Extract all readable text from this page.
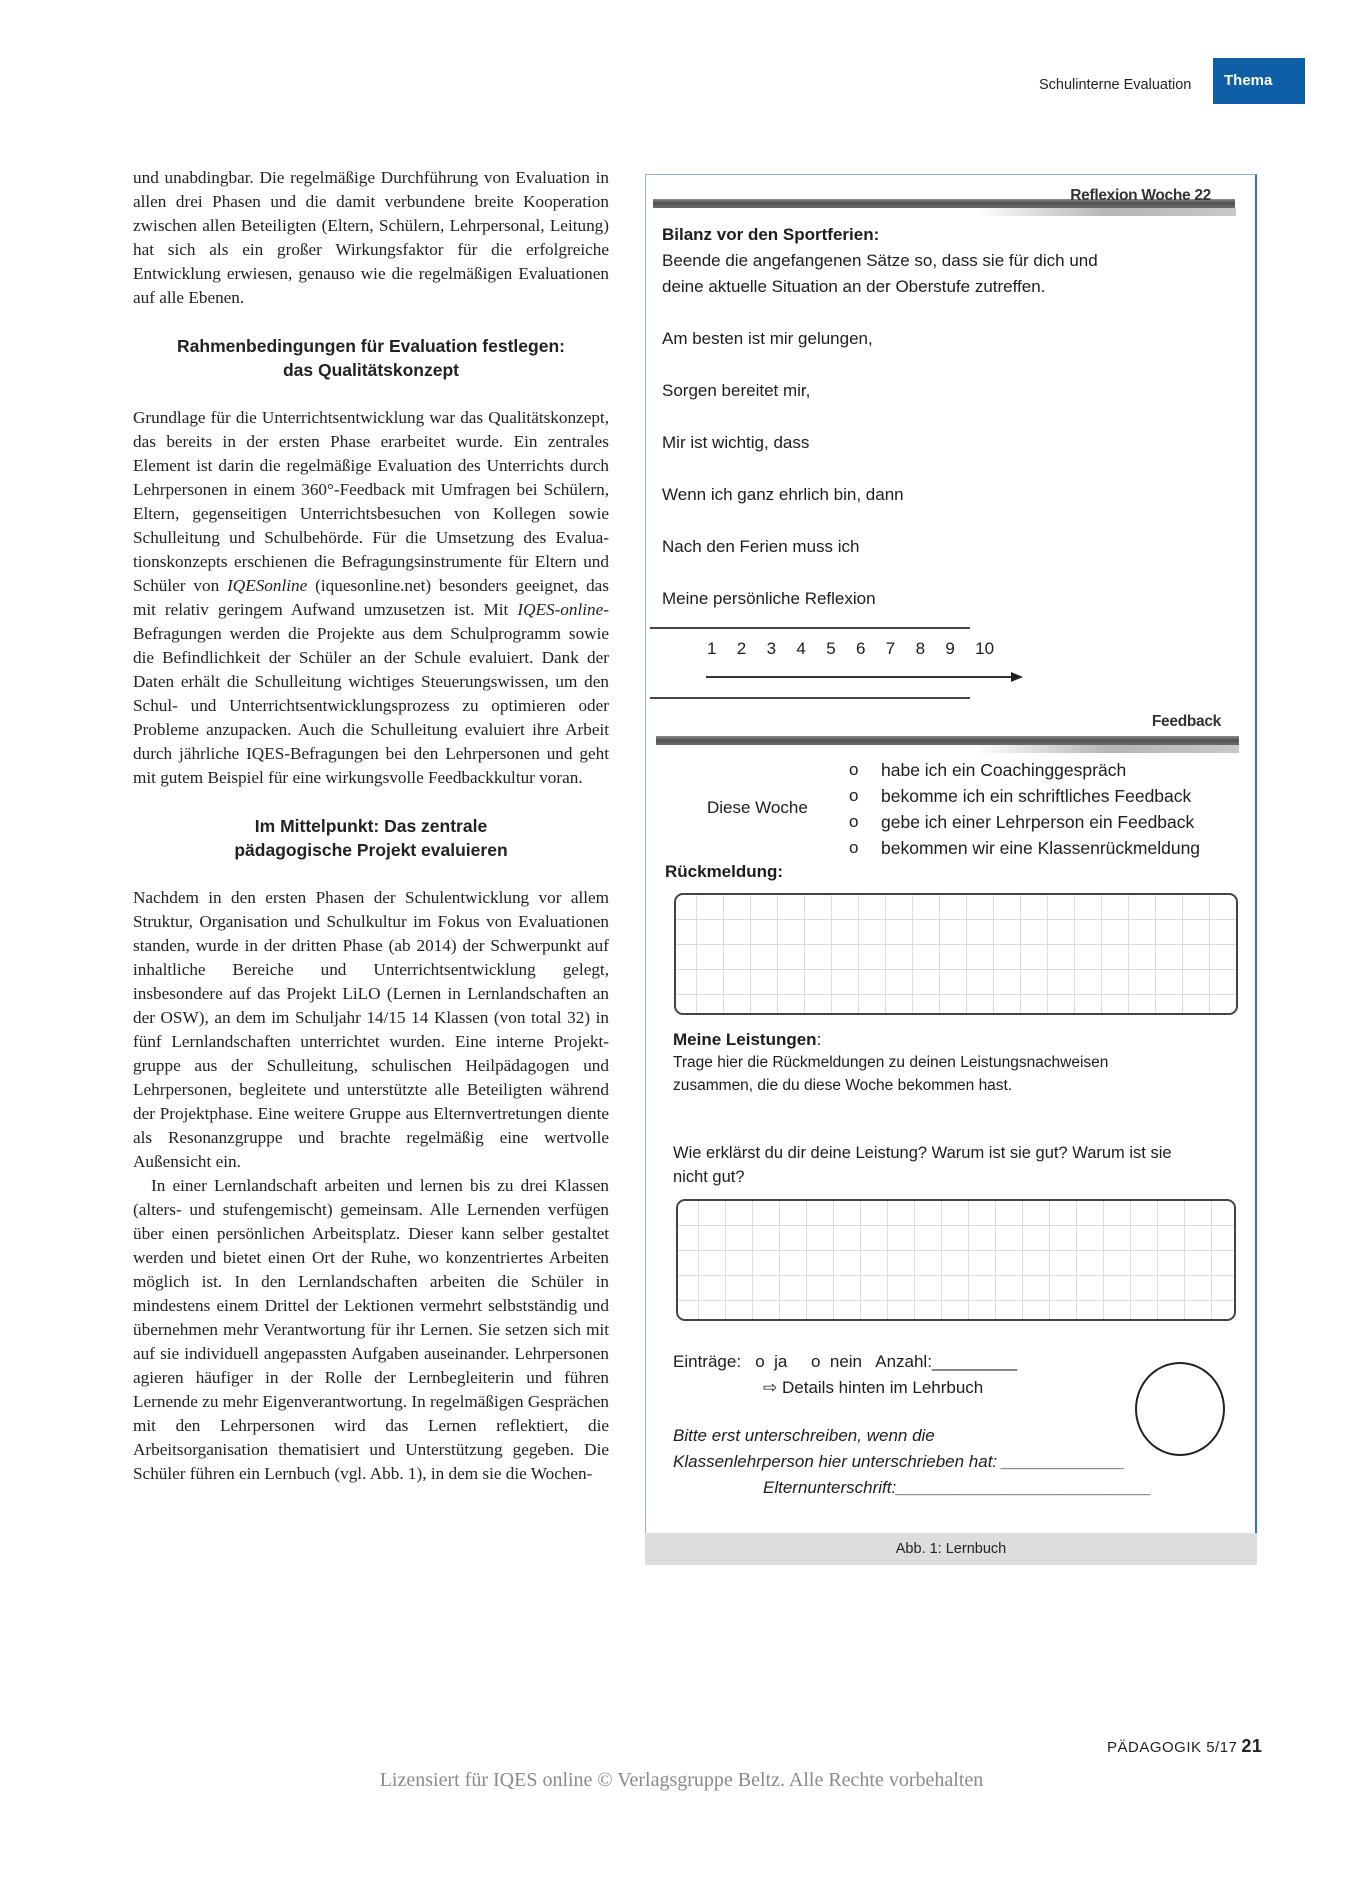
Schulinterne Evaluation	Thema

und unabdingbar. Die regelmäßige Durchführung von Evaluation in allen drei Phasen und die damit verbundene breite Kooperation zwischen allen Beteiligten (Eltern, Schülern, Lehrpersonal, Leitung) hat sich als ein großer Wirkungsfaktor für die erfolgreiche Entwicklung erwiesen, genauso wie die regelmäßigen Evaluationen auf alle Ebenen.

Rahmenbedingungen für Evaluation festlegen:
das Qualitätskonzept

Grundlage für die Unterrichtsentwicklung war das Qualitätskonzept, das bereits in der ersten Phase erarbeitet wurde. Ein zentrales Element ist darin die regelmäßige Evaluation des Unterrichts durch Lehrpersonen in einem 360°-Feedback mit Umfragen bei Schülern, Eltern, gegenseitigen Unterrichtsbesuchen von Kollegen sowie Schulleitung und Schulbehörde. Für die Umsetzung des Evaluationskonzepts erschienen die Befragungsinstrumente für Eltern und Schüler von IQESonline (iquesonline.net) besonders geeignet, das mit relativ geringem Aufwand umzusetzen ist. Mit IQES-online-Befragungen werden die Projekte aus dem Schulprogramm sowie die Befindlichkeit der Schüler an der Schule evaluiert. Dank der Daten erhält die Schulleitung wichtiges Steuerungswissen, um den Schul- und Unterrichtsentwicklungsprozess zu optimieren oder Probleme anzupacken. Auch die Schulleitung evaluiert ihre Arbeit durch jährliche IQES-Befragungen bei den Lehrpersonen und geht mit gutem Beispiel für eine wirkungsvolle Feedbackkultur voran.

Im Mittelpunkt: Das zentrale
pädagogische Projekt evaluieren

Nachdem in den ersten Phasen der Schulentwicklung vor allem Struktur, Organisation und Schulkultur im Fokus von Evaluationen standen, wurde in der dritten Phase (ab 2014) der Schwerpunkt auf inhaltliche Bereiche und Unterrichtsentwicklung gelegt, insbesondere auf das Projekt LiLO (Lernen in Lernlandschaften an der OSW), an dem im Schuljahr 14/15 14 Klassen (von total 32) in fünf Lernlandschaften unterrichtet wurden. Eine interne Projektgruppe aus der Schulleitung, schulischen Heilpädagogen und Lehrpersonen, begleitete und unterstützte alle Beteiligten während der Projektphase. Eine weitere Gruppe aus Elternvertretungen diente als Resonanzgruppe und brachte regelmäßig eine wertvolle Außensicht ein.

In einer Lernlandschaft arbeiten und lernen bis zu drei Klassen (alters- und stufengemischt) gemeinsam. Alle Lernenden verfügen über einen persönlichen Arbeitsplatz. Dieser kann selber gestaltet werden und bietet einen Ort der Ruhe, wo konzentriertes Arbeiten möglich ist. In den Lernlandschaften arbeiten die Schüler in mindestens einem Drittel der Lektionen vermehrt selbstständig und übernehmen mehr Verantwortung für ihr Lernen. Sie setzen sich mit auf sie individuell angepassten Aufgaben auseinander. Lehrpersonen agieren häufiger in der Rolle der Lernbegleiterin und führen Lernende zu mehr Eigenverantwortung. In regelmäßigen Gesprächen mit den Lehrpersonen wird das Lernen reflektiert, die Arbeitsorganisation thematisiert und Unterstützung gegeben. Die Schüler führen ein Lernbuch (vgl. Abb. 1), in dem sie die Wochen-

Reflexion Woche 22
Bilanz vor den Sportferien:
Beende die angefangenen Sätze so, dass sie für dich und
deine aktuelle Situation an der Oberstufe zutreffen.
Am besten ist mir gelungen,
Sorgen bereitet mir,
Mir ist wichtig, dass
Wenn ich ganz ehrlich bin, dann
Nach den Ferien muss ich
Meine persönliche Reflexion
1	2	3	4	5	6	7	8	9	10
Feedback
Diese Woche
o	habe ich ein Coachinggespräch
o	bekomme ich ein schriftliches Feedback
o	gebe ich einer Lehrperson ein Feedback
o	bekommen wir eine Klassenrückmeldung
Rückmeldung:
Meine Leistungen:
Trage hier die Rückmeldungen zu deinen Leistungsnachweisen
zusammen, die du diese Woche bekommen hast.
Wie erklärst du dir deine Leistung? Warum ist sie gut? Warum ist sie
nicht gut?
Einträge:   o  ja     o  nein   Anzahl:_________
⇨ Details hinten im Lehrbuch
Bitte erst unterschreiben, wenn die
Klassenlehrperson hier unterschrieben hat: _____________
Elternunterschrift:___________________________
Abb. 1: Lernbuch
PÄDAGOGIK 5/17 21
Lizensiert für IQES online © Verlagsgruppe Beltz. Alle Rechte vorbehalten
